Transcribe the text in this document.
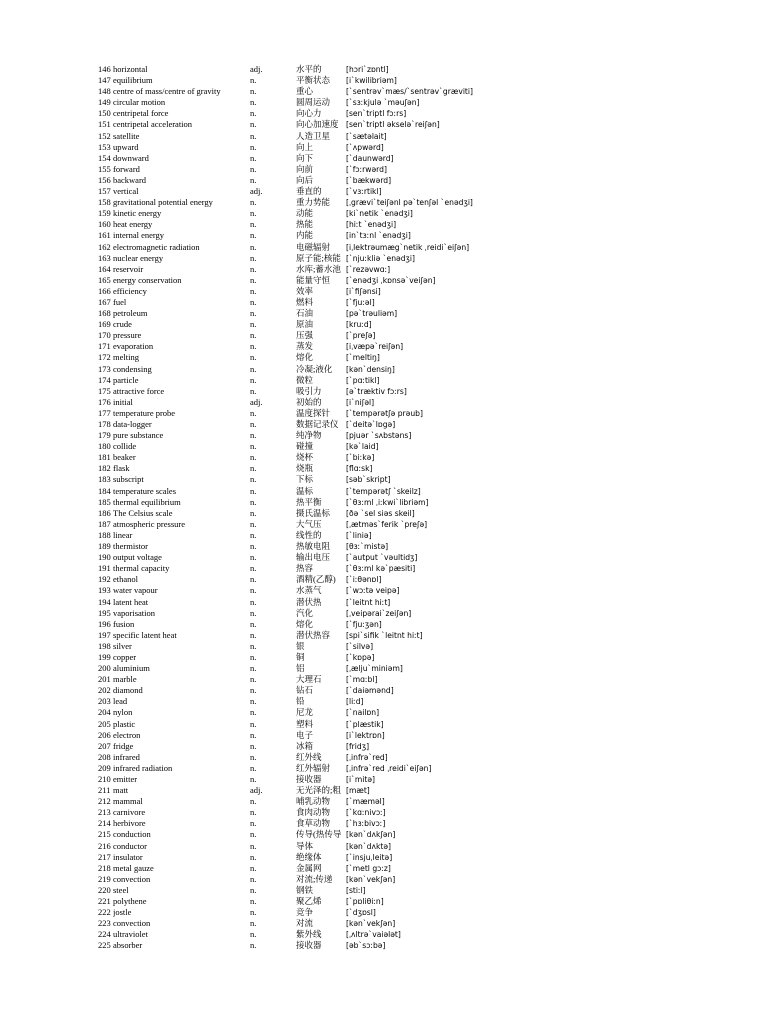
146 horizontal	adj.	水平的	[hɔri`zɒntl]
147 equilibrium	n.	平衡状态	[i`kwilibriəm]
148 centre of mass/centre of gravity	n.	重心	[`sentrəv`mæs/`sentrəv`græviti]
149 circular motion	n.	圆周运动	[`sɜːkjulə `məuʃən]
150 centripetal force	n.	向心力	[sen`triptl fɔːrs]
151 centripetal acceleration	n.	向心加速度 [sen`triptl əkselə`reiʃən]
152 satellite	n.	人造卫星	[`sætəlait]
153 upward	n.	向上	[`ʌpwərd]
154 downward	n.	向下	[`daunwərd]
155 forward	n.	向前	[`fɔːrwərd]
156 backward	n.	向后	[`bækwərd]
157 vertical	adj.	垂直的	[`vɜːrtikl]
158 gravitational potential energy	n.	重力势能	[ˌgrævi`teiʃənl pə`tenʃəl `enədʒi]
159 kinetic energy	n.	动能	[ki`netik `enədʒi]
160 heat energy	n.	热能	[hiːt `enədʒi]
161 internal energy	n.	内能	[in`tɜːnl `enədʒi]
162 electromagnetic radiation	n.	电磁辐射	[iˌlektrəumæg`netik ˌreidi`eiʃən]
163 nuclear energy	n.	原子能;核能 [`njuːkliə `enədʒi]
164 reservoir	n.	水库;蓄水池 [`rezəvwɑː]
165 energy conservation	n.	能量守恒	[`enədʒi ˌkɒnsə`veiʃən]
166 efficiency	n.	效率	[i`fiʃənsi]
167 fuel	n.	燃料	[`fjuːəl]
168 petroleum	n.	石油	[pə`trəuliəm]
169 crude	n.	原油	[kruːd]
170 pressure	n.	压强	[`preʃə]
171 evaporation	n.	蒸发	[iˌvæpə`reiʃən]
172 melting	n.	熔化	[`meltiŋ]
173 condensing	n.	冷凝;液化	[kən`densiŋ]
174 particle	n.	微粒	[`pɑːtikl]
175 attractive force	n.	吸引力	[ə`træktiv fɔːrs]
176 initial	adj.	初始的	[i`niʃəl]
177 temperature probe	n.	温度探针	[`tempərətʃə prəub]
178 data-logger	n.	数据记录仪 [`deitə`lɒgə]
179 pure substance	n.	纯净物	[pjuər `sʌbstəns]
180 collide	n.	碰撞	[kə`laid]
181 beaker	n.	烧杯	[`biːkə]
182 flask	n.	烧瓶	[flɑːsk]
183 subscript	n.	下标	[səb`skript]
184 temperature scales	n.	温标	[`tempərətʃ `skeilz]
185 thermal equilibrium	n.	热平衡	[`θɜːml ˌiːkwi`libriəm]
186 The Celsius scale	n.	摄氏温标	[ðə `sel siəs skeil]
187 atmospheric pressure	n.	大气压	[ˌætməs`ferik `preʃə]
188 linear	n.	线性的	[`liniə]
189 thermistor	n.	热敏电阻	[θɜː`mistə]
190 output voltage	n.	输出电压	[`autput `vəultidʒ]
191 thermal capacity	n.	热容	[`θɜːml kə`pæsiti]
192 ethanol	n.	酒精(乙醇)	[`iːθənɒl]
193 water vapour	n.	水蒸气	[`wɔːtə veipə]
194 latent heat	n.	潜伏热	[`leitnt hiːt]
195 vaporisation	n.	汽化	[ˌveipərai`zeiʃən]
196 fusion	n.	熔化	[`fjuːʒən]
197 specific latent heat	n.	潜伏热容	[spi`sifik `leitnt hiːt]
198 silver	n.	银	[`silvə]
199 copper	n.	铜	[`kɒpə]
200 aluminium	n.	铝	[ˌælju`miniəm]
201 marble	n.	大理石	[`mɑːbl]
202 diamond	n.	钻石	[`daiəmənd]
203 lead	n.	铅	[liːd]
204 nylon	n.	尼龙	[`nailɒn]
205 plastic	n.	塑料	[`plæstik]
206 electron	n.	电子	[i`lektrɒn]
207 fridge	n.	冰箱	[fridʒ]
208 infrared	n.	红外线	[ˌinfrə`red]
209 infrared radiation	n.	红外辐射	[ˌinfrə`red ˌreidi`eiʃən]
210 emitter	n.	接收器	[i`mitə]
211 matt	adj.	无光泽的;粗 [mæt]
212 mammal	n.	哺乳动物	[`mæməl]
213 carnivore	n.	食肉动物	[`kɑːnivɔː]
214 herbivore	n.	食草动物	[`hɜːbivɔː]
215 conduction	n.	传导(热传导 [kən`dʌkʃən]
216 conductor	n.	导体	[kən`dʌktə]
217 insulator	n.	绝缘体	[`insjuˌleitə]
218 metal gauze	n.	金属网	[`metl gɔːz]
219 convection	n.	对流;传递	[kən`vekʃən]
220 steel	n.	钢铁	[stiːl]
221 polythene	n.	聚乙烯	[`pɒliθiːn]
222 jostle	n.	竞争	[`dʒɒsl]
223 convection	n.	对流	[kən`vekʃən]
224 ultraviolet	n.	紫外线	[ˌʌltrə`vaiələt]
225 absorber	n.	接收器	[əb`sɔːbə]
